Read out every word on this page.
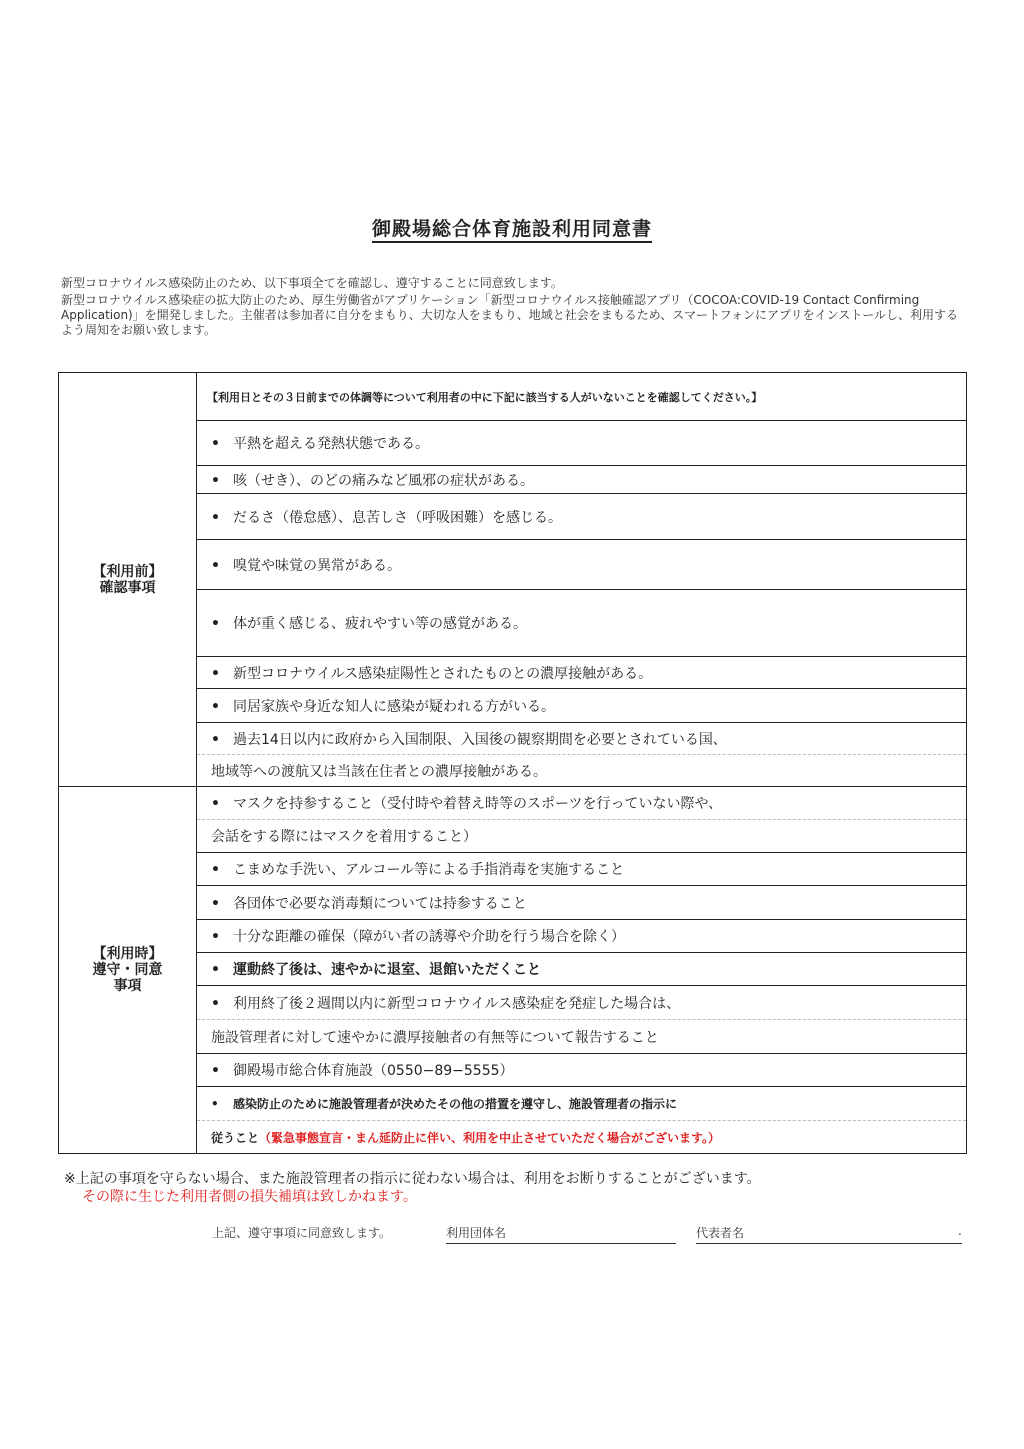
御殿場総合体育施設利用同意書

新型コロナウイルス感染防止のため、以下事項全てを確認し、遵守することに同意致します。

新型コロナウイルス感染症の拡大防止のため、厚生労働省がアプリケーション「新型コロナウイルス接触確認アプリ（COCOA:COVID-19 Contact Confirming Application)」を開発しました。主催者は参加者に自分をまもり、大切な人をまもり、地域と社会をまもるため、スマートフォンにアプリをインストールし、利用するよう周知をお願い致します。

【利用前】
確認事項	【利用日とその３日前までの体調等について利用者の中に下記に該当する人がいないことを確認してください。】
	• 平熱を超える発熱状態である。
	• 咳（せき）、のどの痛みなど風邪の症状がある。
	• だるさ（倦怠感）、息苦しさ（呼吸困難）を感じる。
	• 嗅覚や味覚の異常がある。
	• 体が重く感じる、疲れやすい等の感覚がある。
	• 新型コロナウイルス感染症陽性とされたものとの濃厚接触がある。
	• 同居家族や身近な知人に感染が疑われる方がいる。
	• 過去14日以内に政府から入国制限、入国後の観察期間を必要とされている国、
	地域等への渡航又は当該在住者との濃厚接触がある。

【利用時】
遵守・同意
事項	• マスクを持参すること（受付時や着替え時等のスポーツを行っていない際や、
	会話をする際にはマスクを着用すること）
	• こまめな手洗い、アルコール等による手指消毒を実施すること
	• 各団体で必要な消毒類については持参すること
	• 十分な距離の確保（障がい者の誘導や介助を行う場合を除く）
	• 運動終了後は、速やかに退室、退館いただくこと
	• 利用終了後２週間以内に新型コロナウイルス感染症を発症した場合は、
	施設管理者に対して速やかに濃厚接触者の有無等について報告すること
	• 御殿場市総合体育施設（0550−89−5555）
	• 感染防止のために施設管理者が決めたその他の措置を遵守し、施設管理者の指示に
	従うこと（緊急事態宣言・まん延防止に伴い、利用を中止させていただく場合がございます。）
※上記の事項を守らない場合、また施設管理者の指示に従わない場合は、利用をお断りすることがございます。
その際に生じた利用者側の損失補填は致しかねます。
上記、遵守事項に同意致します。	利用団体名	代表者名	.
